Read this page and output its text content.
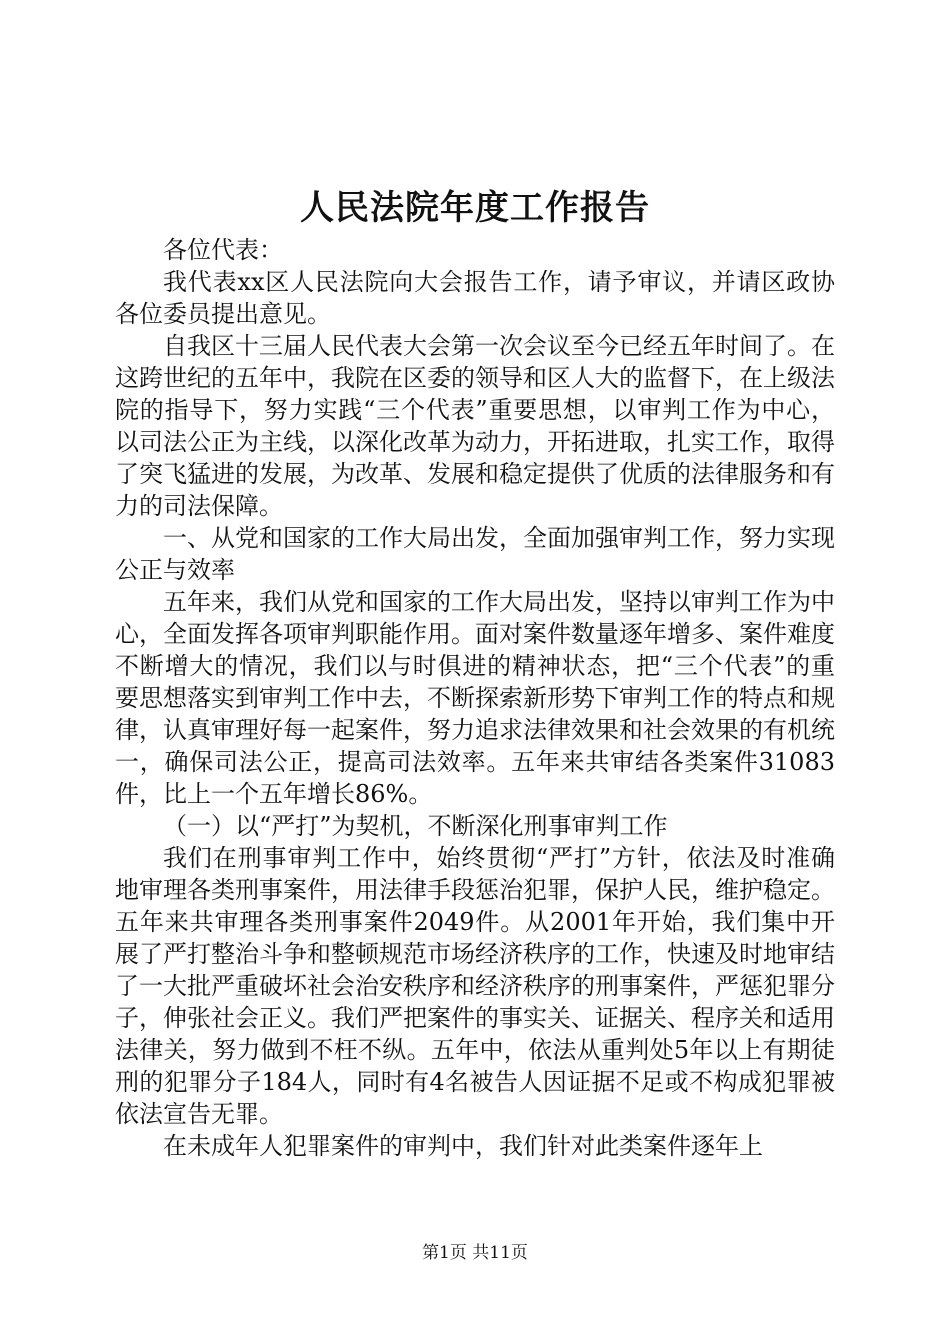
人民法院年度工作报告

各位代表：

我代表xx区人民法院向大会报告工作，请予审议，并请区政协各位委员提出意见。

自我区十三届人民代表大会第一次会议至今已经五年时间了。在这跨世纪的五年中，我院在区委的领导和区人大的监督下，在上级法院的指导下，努力实践“三个代表”重要思想，以审判工作为中心，以司法公正为主线，以深化改革为动力，开拓进取，扎实工作，取得了突飞猛进的发展，为改革、发展和稳定提供了优质的法律服务和有力的司法保障。

一、从党和国家的工作大局出发，全面加强审判工作，努力实现公正与效率

五年来，我们从党和国家的工作大局出发，坚持以审判工作为中心，全面发挥各项审判职能作用。面对案件数量逐年增多、案件难度不断增大的情况，我们以与时俱进的精神状态，把“三个代表”的重要思想落实到审判工作中去，不断探索新形势下审判工作的特点和规律，认真审理好每一起案件，努力追求法律效果和社会效果的有机统一，确保司法公正，提高司法效率。五年来共审结各类案件31083件，比上一个五年增长86%。

（一）以“严打”为契机，不断深化刑事审判工作

我们在刑事审判工作中，始终贯彻“严打”方针，依法及时准确地审理各类刑事案件，用法律手段惩治犯罪，保护人民，维护稳定。五年来共审理各类刑事案件2049件。从2001年开始，我们集中开展了严打整治斗争和整顿规范市场经济秩序的工作，快速及时地审结了一大批严重破坏社会治安秩序和经济秩序的刑事案件，严惩犯罪分子，伸张社会正义。我们严把案件的事实关、证据关、程序关和适用法律关，努力做到不枉不纵。五年中，依法从重判处5年以上有期徒刑的犯罪分子184人，同时有4名被告人因证据不足或不构成犯罪被依法宣告无罪。

在未成年人犯罪案件的审判中，我们针对此类案件逐年上

第1页 共11页
